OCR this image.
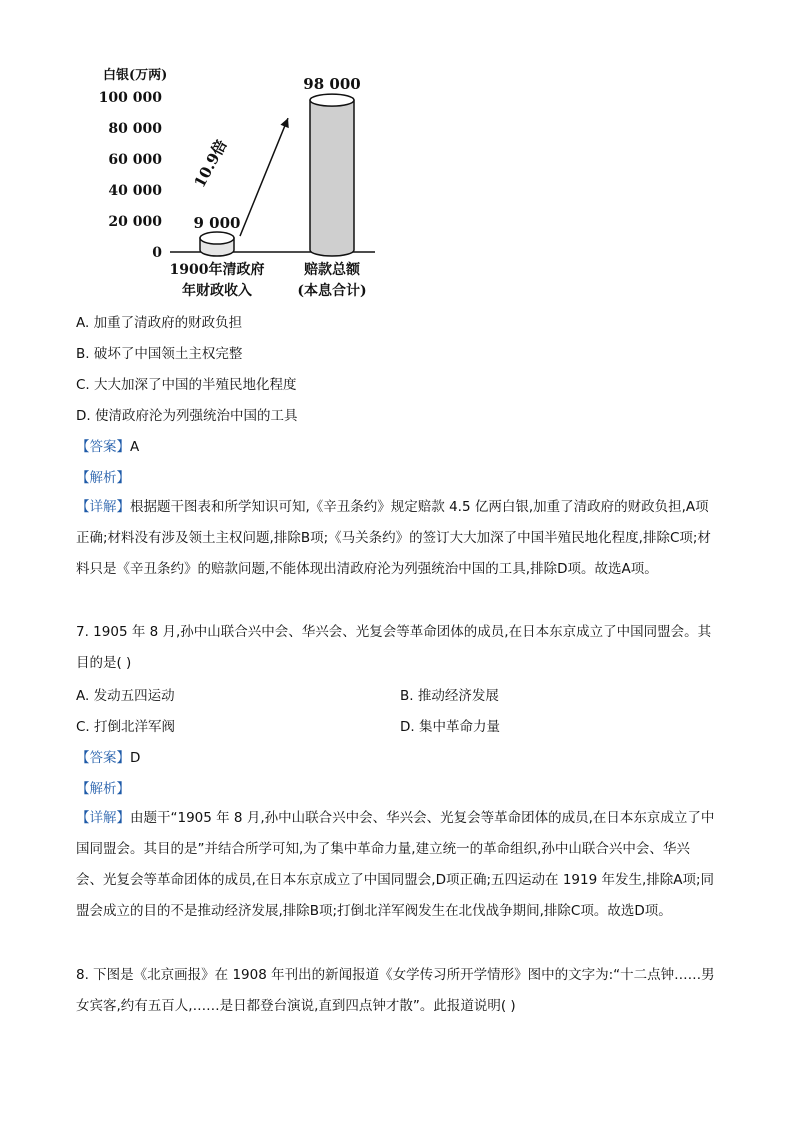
白银(万两)
100 000
80 000
60 000
40 000
20 000
0
9 000
1900年清政府
年财政收入
98 000
赔款总额
(本息合计)
10.9倍
A. 加重了清政府的财政负担
B. 破坏了中国领土主权完整
C. 大大加深了中国的半殖民地化程度
D. 使清政府沦为列强统治中国的工具
【答案】A
【解析】
【详解】根据题干图表和所学知识可知,《辛丑条约》规定赔款 4.5 亿两白银,加重了清政府的财政负担,A项正确;材料没有涉及领土主权问题,排除B项;《马关条约》的签订大大加深了中国半殖民地化程度,排除C项;材料只是《辛丑条约》的赔款问题,不能体现出清政府沦为列强统治中国的工具,排除D项。故选A项。
7. 1905 年 8 月,孙中山联合兴中会、华兴会、光复会等革命团体的成员,在日本东京成立了中国同盟会。其目的是( )
A. 发动五四运动	B. 推动经济发展
C. 打倒北洋军阀	D. 集中革命力量
【答案】D
【解析】
【详解】由题干“1905 年 8 月,孙中山联合兴中会、华兴会、光复会等革命团体的成员,在日本东京成立了中国同盟会。其目的是”并结合所学可知,为了集中革命力量,建立统一的革命组织,孙中山联合兴中会、华兴会、光复会等革命团体的成员,在日本东京成立了中国同盟会,D项正确;五四运动在 1919 年发生,排除A项;同盟会成立的目的不是推动经济发展,排除B项;打倒北洋军阀发生在北伐战争期间,排除C项。故选D项。
8. 下图是《北京画报》在 1908 年刊出的新闻报道《女学传习所开学情形》图中的文字为:“十二点钟……男女宾客,约有五百人,……是日都登台演说,直到四点钟才散”。此报道说明( )
